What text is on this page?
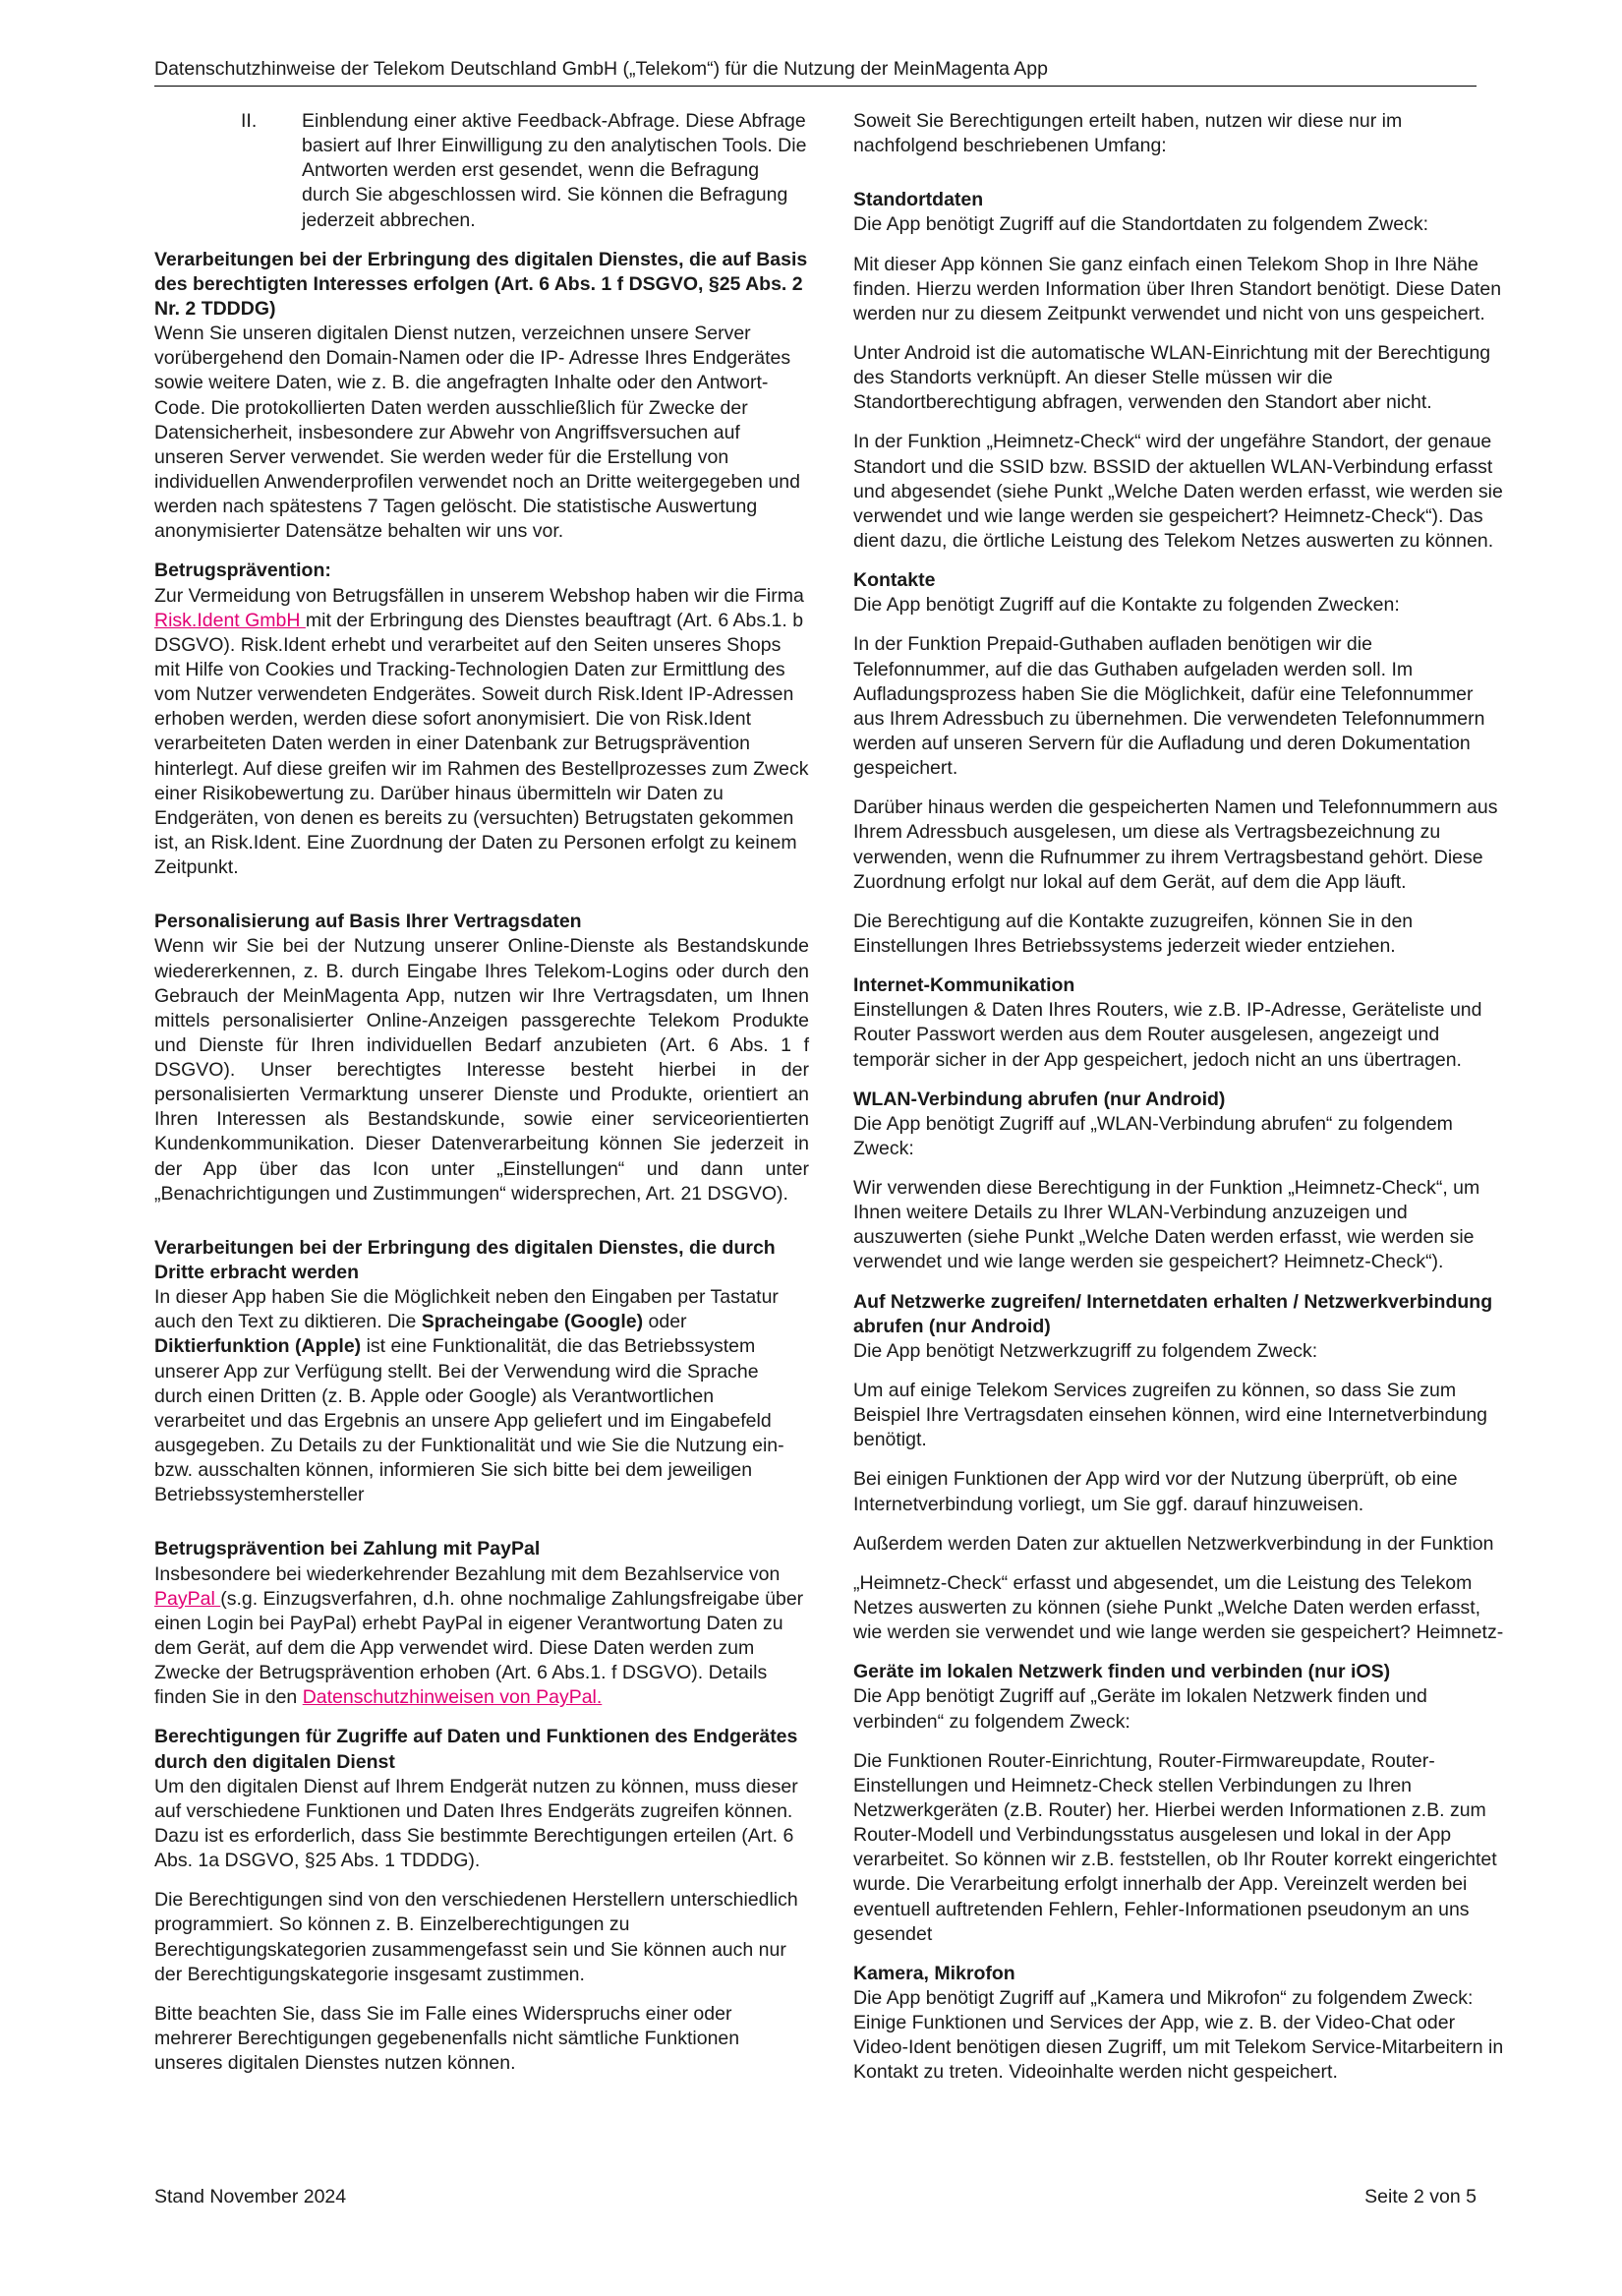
Datenschutzhinweise der Telekom Deutschland GmbH („Telekom“) für die Nutzung der MeinMagenta App
II.	Einblendung einer aktive Feedback-Abfrage. Diese Abfrage basiert auf Ihrer Einwilligung zu den analytischen Tools. Die Antworten werden erst gesendet, wenn die Befragung durch Sie abgeschlossen wird. Sie können die Befragung jederzeit abbrechen.
Verarbeitungen bei der Erbringung des digitalen Dienstes, die auf Basis des berechtigten Interesses erfolgen (Art. 6 Abs. 1 f DSGVO, §25 Abs. 2 Nr. 2 TDDDG)

Wenn Sie unseren digitalen Dienst nutzen, verzeichnen unsere Server vorübergehend den Domain-Namen oder die IP- Adresse Ihres Endgerätes sowie weitere Daten, wie z. B. die angefragten Inhalte oder den Antwort-Code. Die protokollierten Daten werden ausschließlich für Zwecke der Datensicherheit, insbesondere zur Abwehr von Angriffsversuchen auf unseren Server verwendet. Sie werden weder für die Erstellung von individuellen Anwenderprofilen verwendet noch an Dritte weitergegeben und werden nach spätestens 7 Tagen gelöscht. Die statistische Auswertung anonymisierter Datensätze behalten wir uns vor.

Betrugsprävention:

Zur Vermeidung von Betrugsfällen in unserem Webshop haben wir die Firma Risk.Ident GmbH mit der Erbringung des Dienstes beauftragt (Art. 6 Abs.1. b DSGVO). Risk.Ident erhebt und verarbeitet auf den Seiten unseres Shops mit Hilfe von Cookies und Tracking-Technologien Daten zur Ermittlung des vom Nutzer verwendeten Endgerätes. Soweit durch Risk.Ident IP-Adressen erhoben werden, werden diese sofort anonymisiert. Die von Risk.Ident verarbeiteten Daten werden in einer Datenbank zur Betrugsprävention hinterlegt. Auf diese greifen wir im Rahmen des Bestellprozesses zum Zweck einer Risikobewertung zu. Darüber hinaus übermitteln wir Daten zu Endgeräten, von denen es bereits zu (versuchten) Betrugstaten gekommen ist, an Risk.Ident. Eine Zuordnung der Daten zu Personen erfolgt zu keinem Zeitpunkt.

Personalisierung auf Basis Ihrer Vertragsdaten

Wenn wir Sie bei der Nutzung unserer Online-Dienste als Bestandskunde wiedererkennen, z. B. durch Eingabe Ihres Telekom-Logins oder durch den Gebrauch der MeinMagenta App, nutzen wir Ihre Vertragsdaten, um Ihnen mittels personalisierter Online-Anzeigen passgerechte Telekom Produkte und Dienste für Ihren individuellen Bedarf anzubieten (Art. 6 Abs. 1 f DSGVO). Unser berechtigtes Interesse besteht hierbei in der personalisierten Vermarktung unserer Dienste und Produkte, orientiert an Ihren Interessen als Bestandskunde, sowie einer serviceorientierten Kundenkommunikation. Dieser Datenverarbeitung können Sie jederzeit in der App über das Icon unter „Einstellungen“ und dann unter „Benachrichtigungen und Zustimmungen“ widersprechen, Art. 21 DSGVO).

Verarbeitungen bei der Erbringung des digitalen Dienstes, die durch Dritte erbracht werden

In dieser App haben Sie die Möglichkeit neben den Eingaben per Tastatur auch den Text zu diktieren. Die Spracheingabe (Google) oder Diktierfunktion (Apple) ist eine Funktionalität, die das Betriebssystem unserer App zur Verfügung stellt. Bei der Verwendung wird die Sprache durch einen Dritten (z. B. Apple oder Google) als Verantwortlichen verarbeitet und das Ergebnis an unsere App geliefert und im Eingabefeld ausgegeben. Zu Details zu der Funktionalität und wie Sie die Nutzung ein- bzw. ausschalten können, informieren Sie sich bitte bei dem jeweiligen Betriebssystemhersteller

Betrugsprävention bei Zahlung mit PayPal

Insbesondere bei wiederkehrender Bezahlung mit dem Bezahlservice von PayPal (s.g. Einzugsverfahren, d.h. ohne nochmalige Zahlungsfreigabe über einen Login bei PayPal) erhebt PayPal in eigener Verantwortung Daten zu dem Gerät, auf dem die App verwendet wird. Diese Daten werden zum Zwecke der Betrugsprävention erhoben (Art. 6 Abs.1. f DSGVO). Details finden Sie in den Datenschutzhinweisen von PayPal.

Berechtigungen für Zugriffe auf Daten und Funktionen des Endgerätes durch den digitalen Dienst

Um den digitalen Dienst auf Ihrem Endgerät nutzen zu können, muss dieser auf verschiedene Funktionen und Daten Ihres Endgeräts zugreifen können. Dazu ist es erforderlich, dass Sie bestimmte Berechtigungen erteilen (Art. 6 Abs. 1a DSGVO, §25 Abs. 1 TDDDG).

Die Berechtigungen sind von den verschiedenen Herstellern unterschiedlich programmiert. So können z. B. Einzelberechtigungen zu Berechtigungskategorien zusammengefasst sein und Sie können auch nur der Berechtigungskategorie insgesamt zustimmen.

Bitte beachten Sie, dass Sie im Falle eines Widerspruchs einer oder mehrerer Berechtigungen gegebenenfalls nicht sämtliche Funktionen unseres digitalen Dienstes nutzen können.

Soweit Sie Berechtigungen erteilt haben, nutzen wir diese nur im nachfolgend beschriebenen Umfang:

Standortdaten

Die App benötigt Zugriff auf die Standortdaten zu folgendem Zweck:

Mit dieser App können Sie ganz einfach einen Telekom Shop in Ihre Nähe finden. Hierzu werden Information über Ihren Standort benötigt. Diese Daten werden nur zu diesem Zeitpunkt verwendet und nicht von uns gespeichert.

Unter Android ist die automatische WLAN-Einrichtung mit der Berechtigung des Standorts verknüpft. An dieser Stelle müssen wir die Standortberechtigung abfragen, verwenden den Standort aber nicht.

In der Funktion „Heimnetz-Check“ wird der ungefähre Standort, der genaue Standort und die SSID bzw. BSSID der aktuellen WLAN-Verbindung erfasst und abgesendet (siehe Punkt „Welche Daten werden erfasst, wie werden sie verwendet und wie lange werden sie gespeichert? Heimnetz-Check“). Das dient dazu, die örtliche Leistung des Telekom Netzes auswerten zu können.

Kontakte

Die App benötigt Zugriff auf die Kontakte zu folgenden Zwecken:

In der Funktion Prepaid-Guthaben aufladen benötigen wir die Telefonnummer, auf die das Guthaben aufgeladen werden soll. Im Aufladungsprozess haben Sie die Möglichkeit, dafür eine Telefonnummer aus Ihrem Adressbuch zu übernehmen. Die verwendeten Telefonnummern werden auf unseren Servern für die Aufladung und deren Dokumentation gespeichert.

Darüber hinaus werden die gespeicherten Namen und Telefonnummern aus Ihrem Adressbuch ausgelesen, um diese als Vertragsbezeichnung zu verwenden, wenn die Rufnummer zu ihrem Vertragsbestand gehört. Diese Zuordnung erfolgt nur lokal auf dem Gerät, auf dem die App läuft.

Die Berechtigung auf die Kontakte zuzugreifen, können Sie in den Einstellungen Ihres Betriebssystems jederzeit wieder entziehen.

Internet-Kommunikation

Einstellungen & Daten Ihres Routers, wie z.B. IP-Adresse, Geräteliste und Router Passwort werden aus dem Router ausgelesen, angezeigt und temporär sicher in der App gespeichert, jedoch nicht an uns übertragen.

WLAN-Verbindung abrufen (nur Android)

Die App benötigt Zugriff auf „WLAN-Verbindung abrufen“ zu folgendem Zweck:

Wir verwenden diese Berechtigung in der Funktion „Heimnetz-Check“, um Ihnen weitere Details zu Ihrer WLAN-Verbindung anzuzeigen und auszuwerten (siehe Punkt „Welche Daten werden erfasst, wie werden sie verwendet und wie lange werden sie gespeichert? Heimnetz-Check“).

Auf Netzwerke zugreifen/ Internetdaten erhalten / Netzwerkverbindung abrufen (nur Android)

Die App benötigt Netzwerkzugriff zu folgendem Zweck:

Um auf einige Telekom Services zugreifen zu können, so dass Sie zum Beispiel Ihre Vertragsdaten einsehen können, wird eine Internetverbindung benötigt.

Bei einigen Funktionen der App wird vor der Nutzung überprüft, ob eine Internetverbindung vorliegt, um Sie ggf. darauf hinzuweisen.

Außerdem werden Daten zur aktuellen Netzwerkverbindung in der Funktion

„Heimnetz-Check“ erfasst und abgesendet, um die Leistung des Telekom Netzes auswerten zu können (siehe Punkt „Welche Daten werden erfasst, wie werden sie verwendet und wie lange werden sie gespeichert? Heimnetz-

Geräte im lokalen Netzwerk finden und verbinden (nur iOS)

Die App benötigt Zugriff auf „Geräte im lokalen Netzwerk finden und verbinden“ zu folgendem Zweck:

Die Funktionen Router-Einrichtung, Router-Firmwareupdate, Router-Einstellungen und Heimnetz-Check stellen Verbindungen zu Ihren Netzwerkgeräten (z.B. Router) her. Hierbei werden Informationen z.B. zum Router-Modell und Verbindungsstatus ausgelesen und lokal in der App verarbeitet. So können wir z.B. feststellen, ob Ihr Router korrekt eingerichtet wurde. Die Verarbeitung erfolgt innerhalb der App. Vereinzelt werden bei eventuell auftretenden Fehlern, Fehler-Informationen pseudonym an uns gesendet

Kamera, Mikrofon

Die App benötigt Zugriff auf „Kamera und Mikrofon“ zu folgendem Zweck: Einige Funktionen und Services der App, wie z. B. der Video-Chat oder Video-Ident benötigen diesen Zugriff, um mit Telekom Service-Mitarbeitern in Kontakt zu treten. Videoinhalte werden nicht gespeichert.

Stand November 2024	Seite 2 von 5
